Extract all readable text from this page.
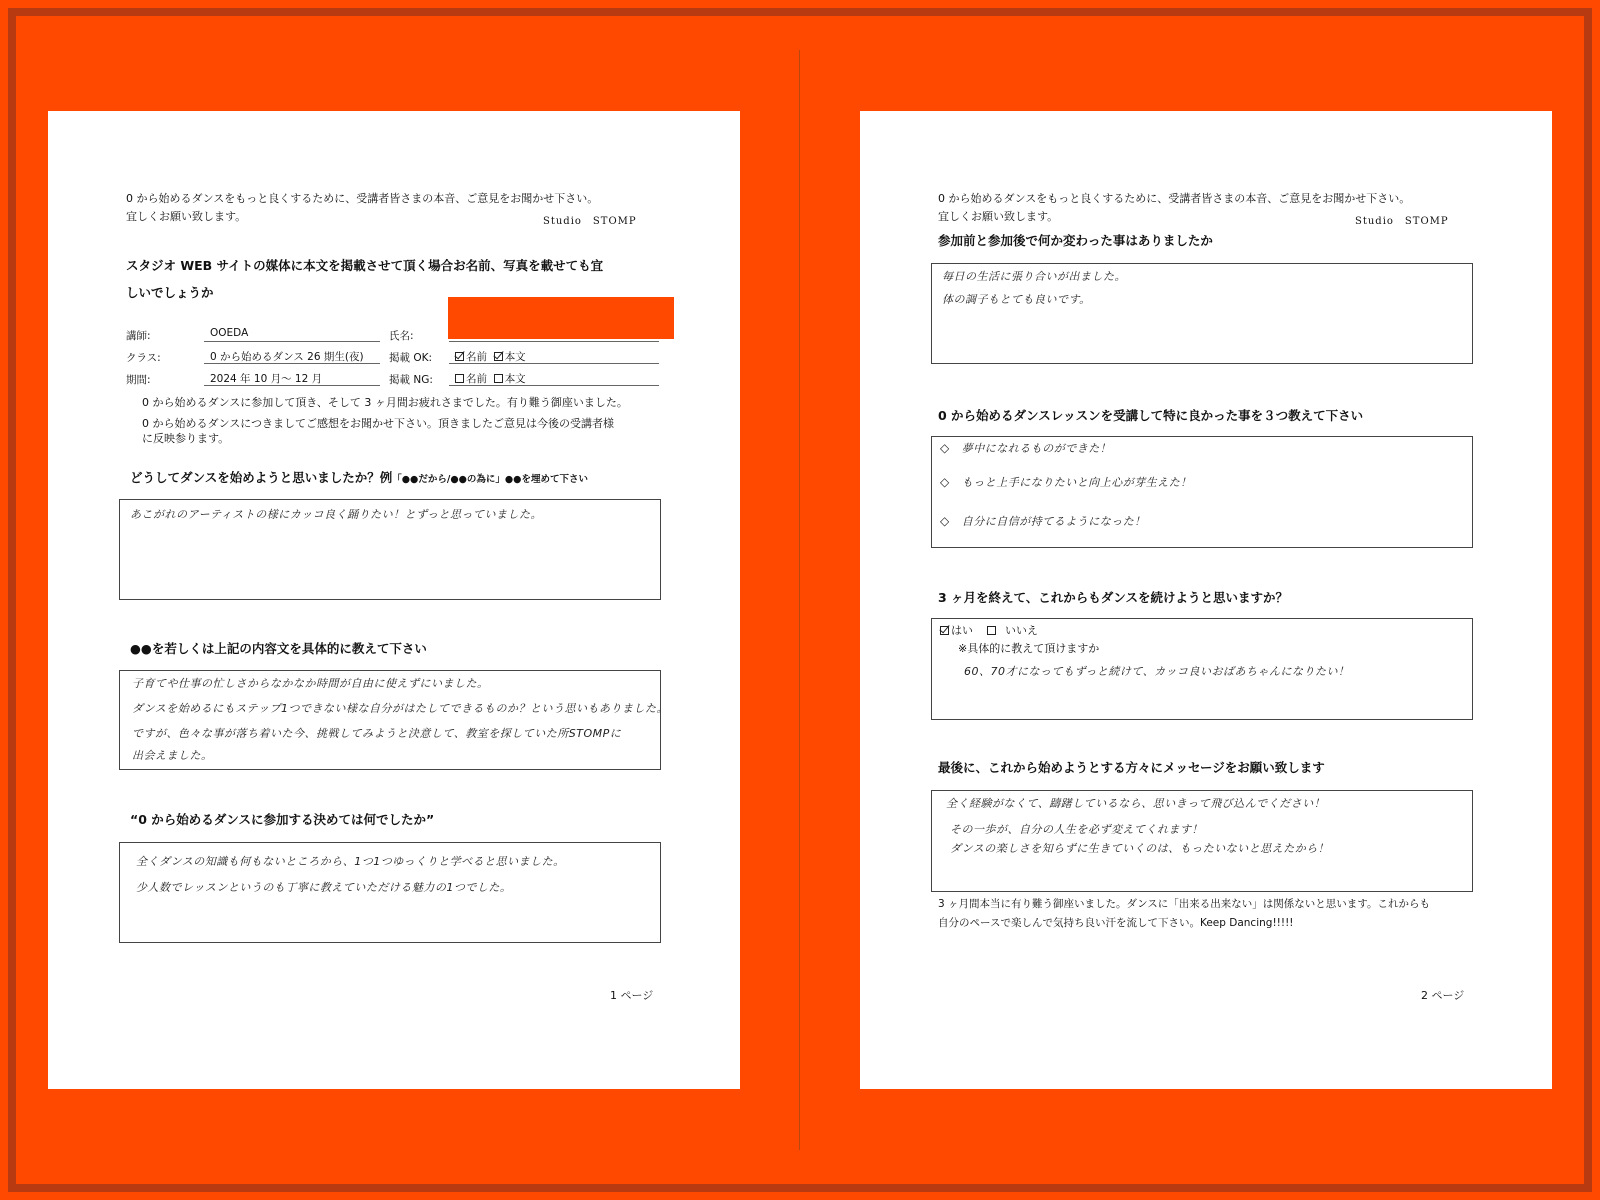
0 から始めるダンスをもっと良くするために、受講者皆さまの本音、ご意見をお聞かせ下さい。
宜しくお願い致します。	Studio　STOMP
スタジオ WEB サイトの媒体に本文を掲載させて頂く場合お名前、写真を載せても宜
しいでしょうか
講師:	OOEDA	氏名:
クラス:	0 から始めるダンス 26 期生(夜)	掲載 OK:	名前 本文
期間:	2024 年 10 月～ 12 月	掲載 NG:	名前 本文
0 から始めるダンスに参加して頂き、そして 3 ヶ月間お疲れさまでした。有り難う御座いました。
0 から始めるダンスにつきましてご感想をお聞かせ下さい。頂きましたご意見は今後の受講者様
に反映参ります。
どうしてダンスを始めようと思いましたか？例「●●だから/●●の為に」●●を埋めて下さい
あこがれのアーティストの様にカッコ良く踊りたい！とずっと思っていました。
●●を若しくは上記の内容文を具体的に教えて下さい
子育てや仕事の忙しさからなかなか時間が自由に使えずにいました。
ダンスを始めるにもステップ1つできない様な自分がはたしてできるものか？という思いもありました。
ですが、色々な事が落ち着いた今、挑戦してみようと決意して、教室を探していた所STOMPに
出会えました。
“0 から始めるダンスに参加する決めては何でしたか”
全くダンスの知識も何もないところから、1つ1つゆっくりと学べると思いました。
少人数でレッスンというのも丁寧に教えていただける魅力の1つでした。
1 ページ
0 から始めるダンスをもっと良くするために、受講者皆さまの本音、ご意見をお聞かせ下さい。
宜しくお願い致します。	Studio　STOMP
参加前と参加後で何か変わった事はありましたか
毎日の生活に張り合いが出ました。
体の調子もとても良いです。
0 から始めるダンスレッスンを受講して特に良かった事を３つ教えて下さい
◇ 夢中になれるものができた！
◇ もっと上手になりたいと向上心が芽生えた！
◇ 自分に自信が持てるようになった！
3 ヶ月を終えて、これからもダンスを続けようと思いますか？
はい	いいえ
※具体的に教えて頂けますか
60、70才になってもずっと続けて、カッコ良いおばあちゃんになりたい！
最後に、これから始めようとする方々にメッセージをお願い致します
全く経験がなくて、躊躇しているなら、思いきって飛び込んでください！
その一歩が、自分の人生を必ず変えてくれます！
ダンスの楽しさを知らずに生きていくのは、もったいないと思えたから！
3 ヶ月間本当に有り難う御座いました。ダンスに「出来る出来ない」は関係ないと思います。これからも
自分のペースで楽しんで気持ち良い汗を流して下さい。Keep Dancing!!!!!
2 ページ
